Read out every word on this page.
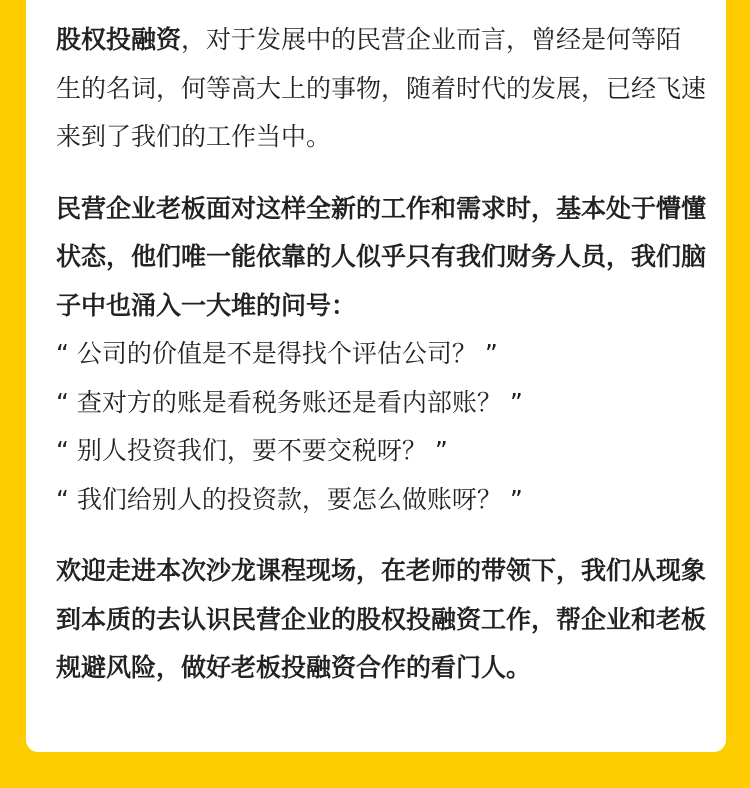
股权投融资，对于发展中的民营企业而言，曾经是何等陌生的名词，何等高大上的事物，随着时代的发展，已经飞速来到了我们的工作当中。

民营企业老板面对这样全新的工作和需求时，基本处于懵懂状态，他们唯一能依靠的人似乎只有我们财务人员，我们脑子中也涌入一大堆的问号：

“ 公司的价值是不是得找个评估公司？ ”
“ 查对方的账是看税务账还是看内部账？ ”
“ 别人投资我们，要不要交税呀？ ”
“ 我们给别人的投资款，要怎么做账呀？ ”

欢迎走进本次沙龙课程现场，在老师的带领下，我们从现象到本质的去认识民营企业的股权投融资工作，帮企业和老板规避风险，做好老板投融资合作的看门人。
